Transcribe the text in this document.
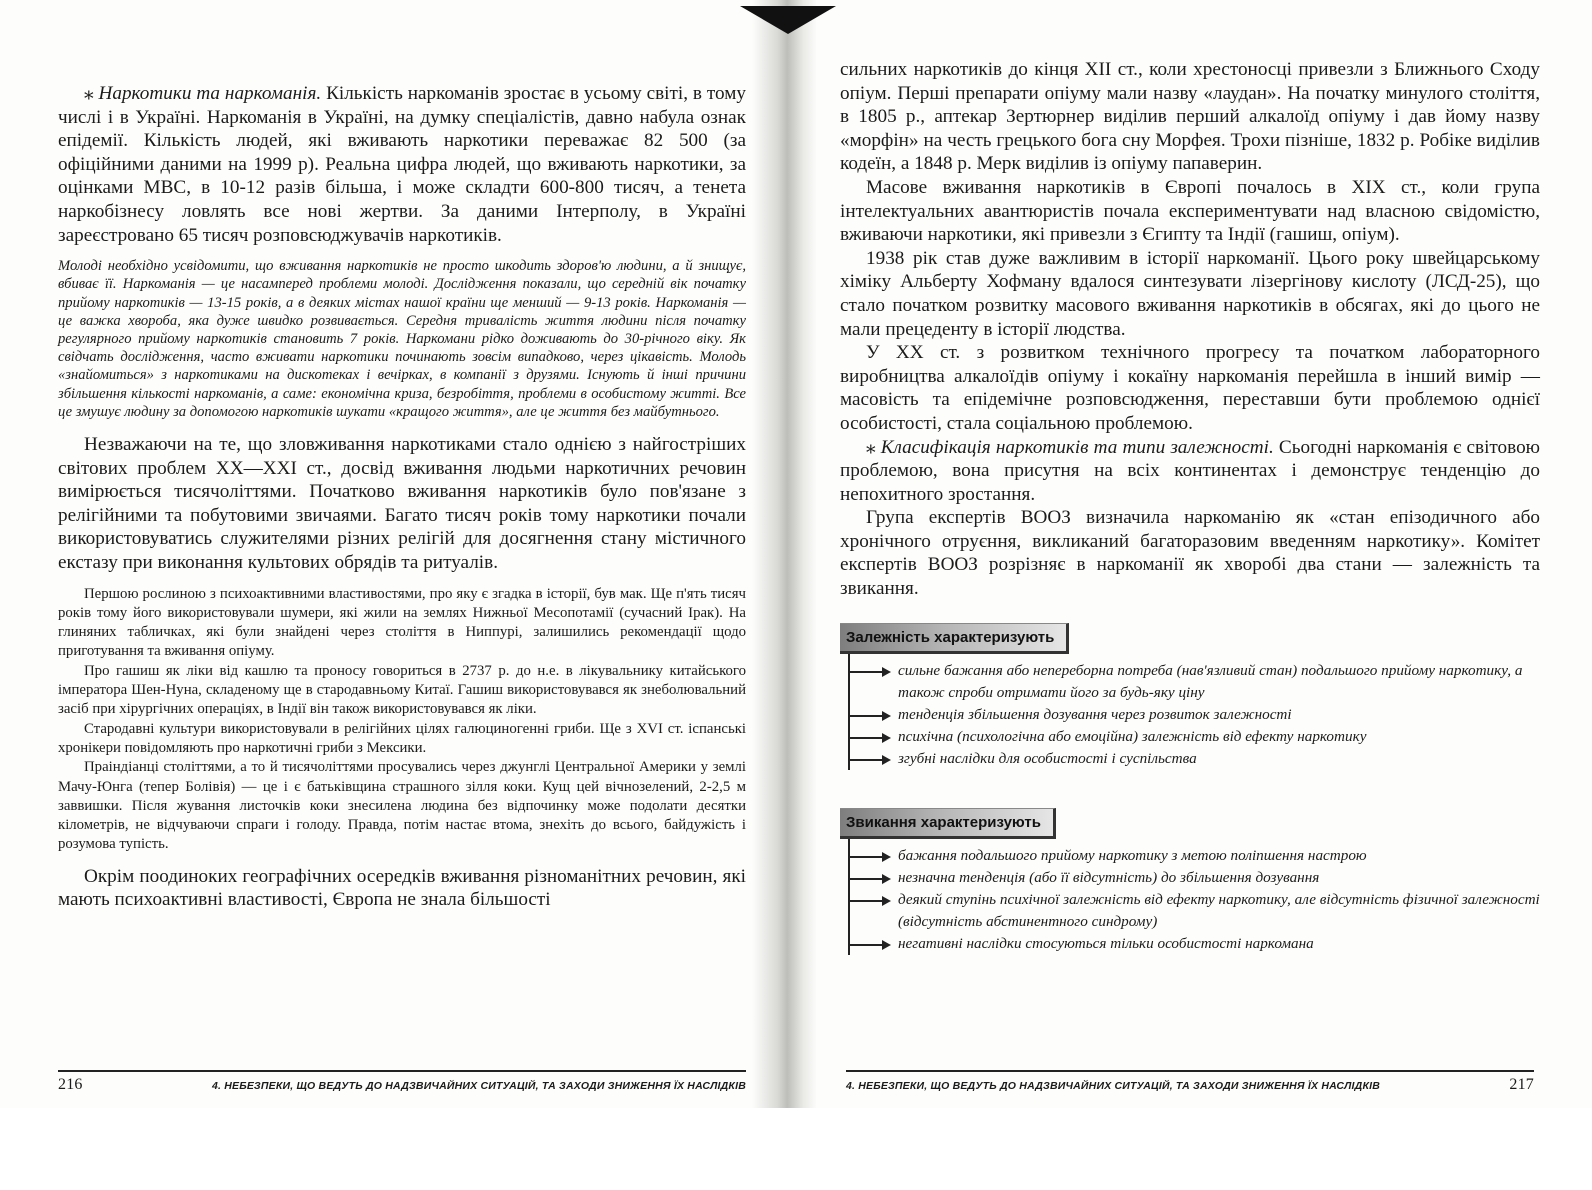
⁎ Наркотики та наркоманія. Кількість наркоманів зростає в усьому світі, в тому числі і в Україні. Наркоманія в Україні, на думку спеціалістів, давно набула ознак епідемії. Кількість людей, які вживають наркотики переважає 82 500 (за офіційними даними на 1999 р). Реальна цифра людей, що вживають наркотики, за оцінками МВС, в 10-12 разів більша, і може складти 600-800 тисяч, а тенета наркобізнесу ловлять все нові жертви. За даними Інтерполу, в Україні зареєстровано 65 тисяч розповсюджувачів наркотиків.

Молоді необхідно усвідомити, що вживання наркотиків не просто шкодить здоров'ю людини, а й знищує, вбиває її. Наркоманія — це насамперед проблеми молоді. Дослідження показали, що середній вік початку прийому наркотиків — 13-15 років, а в деяких містах нашої країни ще менший — 9-13 років. Наркоманія — це важка хвороба, яка дуже швидко розвивається. Середня тривалість життя людини після початку регулярного прийому наркотиків становить 7 років. Наркомани рідко доживають до 30-річного віку. Як свідчать дослідження, часто вживати наркотики починають зовсім випадково, через цікавість. Молодь «знайомиться» з наркотиками на дискотеках і вечірках, в компанії з друзями. Існують й інші причини збільшення кількості наркоманів, а саме: економічна криза, безробіття, проблеми в особистому житті. Все це змушує людину за допомогою наркотиків шукати «кращого життя», але це життя без майбутнього.

Незважаючи на те, що зловживання наркотиками стало однією з найгостріших світових проблем XX—XXI ст., досвід вживання людьми наркотичних речовин вимірюється тисячоліттями. Початково вживання наркотиків було пов'язане з релігійними та побутовими звичаями. Багато тисяч років тому наркотики почали використовуватись служителями різних релігій для досягнення стану містичного екстазу при виконання культових обрядів та ритуалів.

Першою рослиною з психоактивними властивостями, про яку є згадка в історії, був мак. Ще п'ять тисяч років тому його використовували шумери, які жили на землях Нижньої Месопотамії (сучасний Ірак). На глиняних табличках, які були знайдені через століття в Ниппурі, залишились рекомендації щодо приготування та вживання опіуму.

Про гашиш як ліки від кашлю та проносу говориться в 2737 р. до н.е. в лікувальнику китайського імператора Шен-Нуна, складеному ще в стародавньому Китаї. Гашиш використовувався як знеболювальний засіб при хірургічних операціях, в Індії він також використовувався як ліки.

Стародавні культури використовували в релігійних цілях галюциногенні гриби. Ще з XVI ст. іспанські хронікери повідомляють про наркотичні гриби з Мексики.

Праіндіанці століттями, а то й тисячоліттями просувались через джунглі Центральної Америки у землі Мачу-Юнга (тепер Болівія) — це і є батьківщина страшного зілля коки. Кущ цей вічнозелений, 2-2,5 м заввишки. Після жування листочків коки знесилена людина без відпочинку може подолати десятки кілометрів, не відчуваючи спраги і голоду. Правда, потім настає втома, знехіть до всього, байдужість і розумова тупість.

Окрім поодиноких географічних осередків вживання різноманітних речовин, які мають психоактивні властивості, Європа не знала більшості

216	4. НЕБЕЗПЕКИ, ЩО ВЕДУТЬ ДО НАДЗВИЧАЙНИХ СИТУАЦІЙ, ТА ЗАХОДИ ЗНИЖЕННЯ ЇХ НАСЛІДКІВ

сильних наркотиків до кінця XII ст., коли хрестоносці привезли з Ближнього Сходу опіум. Перші препарати опіуму мали назву «лаудан». На початку минулого століття, в 1805 р., аптекар Зертюрнер виділив перший алкалоїд опіуму і дав йому назву «морфін» на честь грецького бога сну Морфея. Трохи пізніше, 1832 р. Робіке виділив кодеїн, а 1848 р. Мерк виділив із опіуму папаверин.

Масове вживання наркотиків в Європі почалось в XIX ст., коли група інтелектуальних авантюристів почала експериментувати над власною свідомістю, вживаючи наркотики, які привезли з Єгипту та Індії (гашиш, опіум).

1938 рік став дуже важливим в історії наркоманії. Цього року швейцарському хіміку Альберту Хофману вдалося синтезувати лізергінову кислоту (ЛСД-25), що стало початком розвитку масового вживання наркотиків в обсягах, які до цього не мали прецеденту в історії людства.

У XX ст. з розвитком технічного прогресу та початком лабораторного виробництва алкалоїдів опіуму і кокаїну наркоманія перейшла в інший вимір — масовість та епідемічне розповсюдження, переставши бути проблемою однієї особистості, стала соціальною проблемою.

⁎ Класифікація наркотиків та типи залежності. Сьогодні наркоманія є світовою проблемою, вона присутня на всіх континентах і демонструє тенденцію до непохитного зростання.

Група експертів ВООЗ визначила наркоманію як «стан епізодичного або хронічного отруєння, викликаний багаторазовим введенням наркотику». Комітет експертів ВООЗ розрізняє в наркоманії як хворобі два стани — залежність та звикання.

Залежність характеризують
сильне бажання або непереборна потреба (нав'язливий стан) подальшого прийому наркотику, а також спроби отримати його за будь-яку ціну
тенденція збільшення дозування через розвиток залежності
психічна (психологічна або емоційна) залежність від ефекту наркотику
згубні наслідки для особистості і суспільства
Звикання характеризують
бажання подальшого прийому наркотику з метою поліпшення настрою
незначна тенденція (або її відсутність) до збільшення дозування
деякий ступінь психічної залежність від ефекту наркотику, але відсутність фізичної залежності (відсутність абстинентного синдрому)
негативні наслідки стосуються тільки особистості наркомана
4. НЕБЕЗПЕКИ, ЩО ВЕДУТЬ ДО НАДЗВИЧАЙНИХ СИТУАЦІЙ, ТА ЗАХОДИ ЗНИЖЕННЯ ЇХ НАСЛІДКІВ	217
